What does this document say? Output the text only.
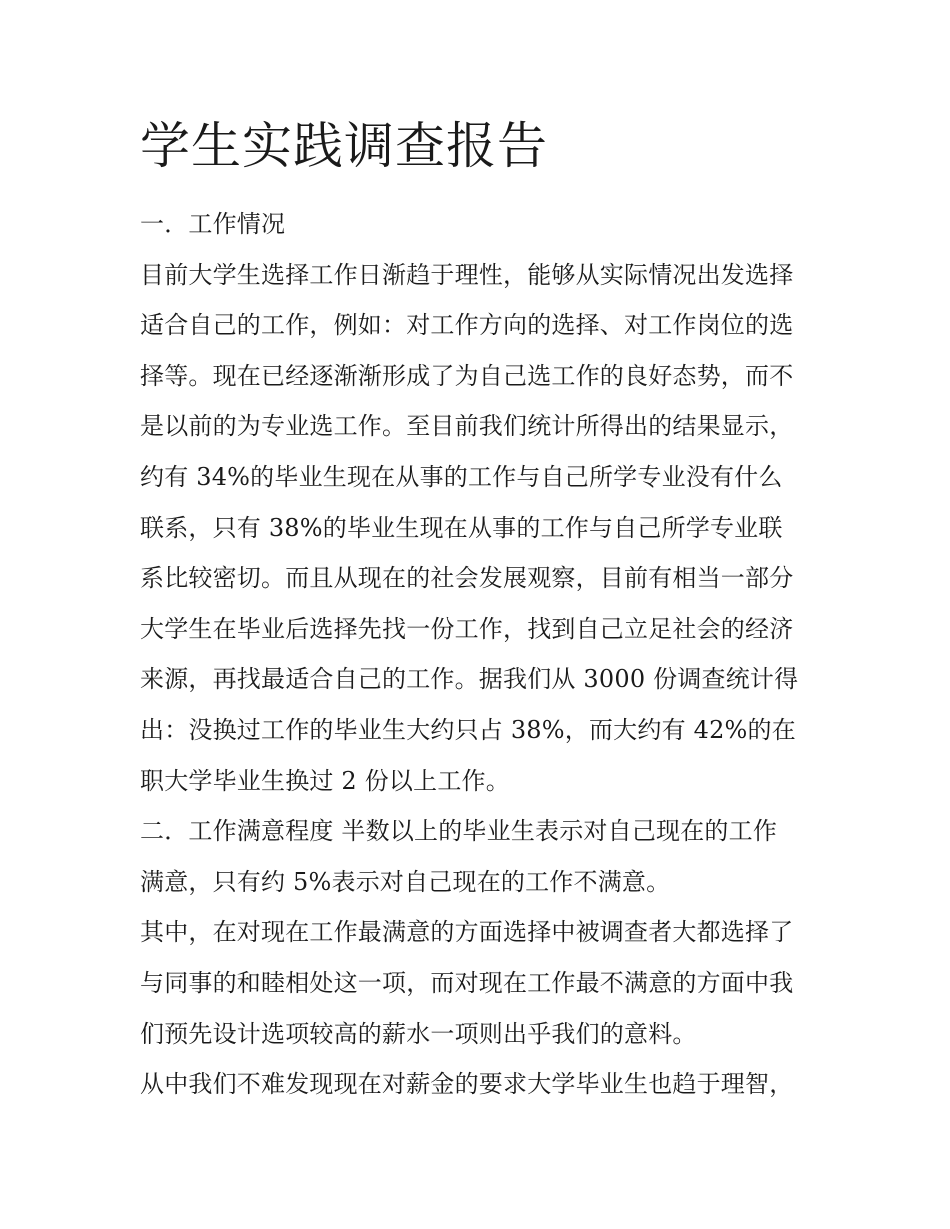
学生实践调查报告
一．工作情况
目前大学生选择工作日渐趋于理性，能够从实际情况出发选择
适合自己的工作，例如：对工作方向的选择、对工作岗位的选
择等。现在已经逐渐渐形成了为自己选工作的良好态势，而不
是以前的为专业选工作。至目前我们统计所得出的结果显示，
约有 34%的毕业生现在从事的工作与自己所学专业没有什么
联系，只有 38%的毕业生现在从事的工作与自己所学专业联
系比较密切。而且从现在的社会发展观察，目前有相当一部分
大学生在毕业后选择先找一份工作，找到自己立足社会的经济
来源，再找最适合自己的工作。据我们从 3000 份调查统计得
出：没换过工作的毕业生大约只占 38%，而大约有 42%的在
职大学毕业生换过 2 份以上工作。
二．工作满意程度 半数以上的毕业生表示对自己现在的工作
满意，只有约 5%表示对自己现在的工作不满意。
其中，在对现在工作最满意的方面选择中被调查者大都选择了
与同事的和睦相处这一项，而对现在工作最不满意的方面中我
们预先设计选项较高的薪水一项则出乎我们的意料。
从中我们不难发现现在对薪金的要求大学毕业生也趋于理智，
